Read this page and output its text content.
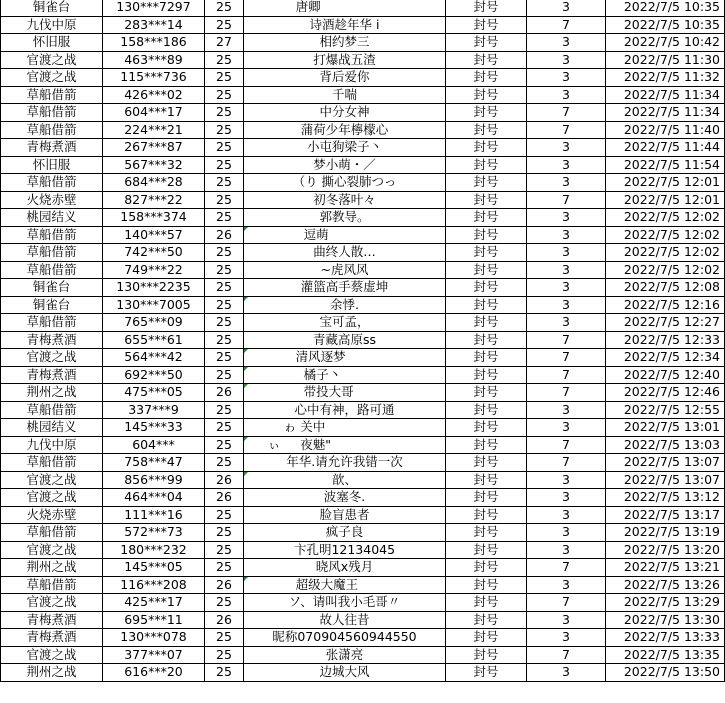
铜雀台	130***7297	25	唐卿	封号	3	2022/7/5 10:35
九伐中原	283***14	25	诗酒趁年华 i	封号	7	2022/7/5 10:35
怀旧服	158***186	27	相约梦三	封号	3	2022/7/5 10:42
官渡之战	463***89	25	打爆战五渣	封号	3	2022/7/5 11:30
官渡之战	115***736	25	背后爱你	封号	3	2022/7/5 11:32
草船借箭	426***02	25	千喘	封号	3	2022/7/5 11:34
草船借箭	604***17	25	中分女神	封号	7	2022/7/5 11:34
草船借箭	224***21	25	蒲荷少年檸檬心	封号	7	2022/7/5 11:40
青梅煮酒	267***87	25	小屯狗梁子丶	封号	3	2022/7/5 11:44
怀旧服	567***32	25	梦小萌・／	封号	3	2022/7/5 11:54
草船借箭	684***28	25	（り 撕心裂肺つっ	封号	3	2022/7/5 12:01
火烧赤壁	827***22	25	初冬落叶々	封号	7	2022/7/5 12:01
桃园结义	158***374	25	郭教导。	封号	3	2022/7/5 12:02
草船借箭	140***57	26	逗萌	封号	3	2022/7/5 12:02
草船借箭	742***50	25	曲终人散…	封号	3	2022/7/5 12:02
草船借箭	749***22	25	~虎风风	封号	3	2022/7/5 12:02
铜雀台	130***2235	25	灌篮高手蔡虚坤	封号	3	2022/7/5 12:08
铜雀台	130***7005	25	余悸.	封号	3	2022/7/5 12:16
草船借箭	765***09	25	宝可孟，	封号	3	2022/7/5 12:27
青梅煮酒	655***61	25	青藏高原ss	封号	7	2022/7/5 12:33
官渡之战	564***42	25	清风逐梦	封号	7	2022/7/5 12:34
青梅煮酒	692***50	25	橘子丶	封号	7	2022/7/5 12:40
荆州之战	475***05	26	带投大哥	封号	7	2022/7/5 12:46
草船借箭	337***9	25	心中有神，路可通	封号	3	2022/7/5 12:55
桃园结义	145***33	25	ゎ 关中	封号	3	2022/7/5 13:01
九伐中原	604***	25	ぃ     夜魅"	封号	7	2022/7/5 13:03
草船借箭	758***47	25	年华.请允许我错一次	封号	7	2022/7/5 13:07
官渡之战	856***99	26	歆、	封号	3	2022/7/5 13:07
官渡之战	464***04	26	波塞冬.	封号	3	2022/7/5 13:12
火烧赤壁	111***16	25	脸盲患者	封号	3	2022/7/5 13:17
草船借箭	572***73	25	疯子良	封号	3	2022/7/5 13:19
官渡之战	180***232	25	卞孔明12134045	封号	3	2022/7/5 13:20
荆州之战	145***05	25	晓风x残月	封号	7	2022/7/5 13:21
草船借箭	116***208	26	超级大魔王	封号	3	2022/7/5 13:26
官渡之战	425***17	25	ソ、请叫我小毛哥〃	封号	7	2022/7/5 13:29
青梅煮酒	695***11	26	故人往昔	封号	3	2022/7/5 13:30
青梅煮酒	130***078	25	昵称070904560944550	封号	3	2022/7/5 13:33
官渡之战	377***07	25	张潇亮	封号	7	2022/7/5 13:35
荆州之战	616***20	25	边城大风	封号	3	2022/7/5 13:50
